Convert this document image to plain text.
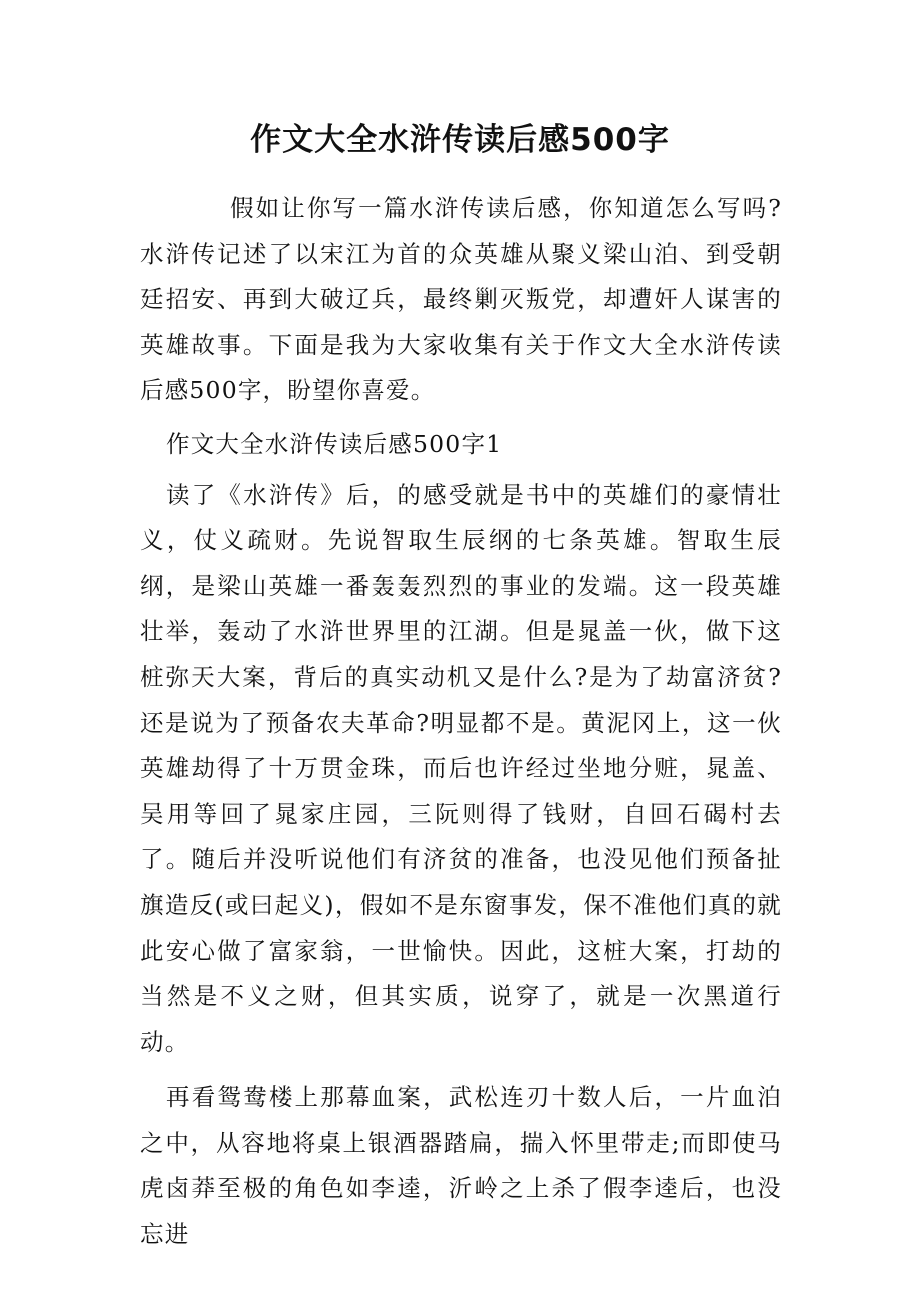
作文大全水浒传读后感500字

假如让你写一篇水浒传读后感，你知道怎么写吗?水浒传记述了以宋江为首的众英雄从聚义梁山泊、到受朝廷招安、再到大破辽兵，最终剿灭叛党，却遭奸人谋害的英雄故事。下面是我为大家收集有关于作文大全水浒传读后感500字，盼望你喜爱。

作文大全水浒传读后感500字1

读了《水浒传》后，的感受就是书中的英雄们的豪情壮义，仗义疏财。先说智取生辰纲的七条英雄。智取生辰纲，是梁山英雄一番轰轰烈烈的事业的发端。这一段英雄壮举，轰动了水浒世界里的江湖。但是晁盖一伙，做下这桩弥天大案，背后的真实动机又是什么?是为了劫富济贫?还是说为了预备农夫革命?明显都不是。黄泥冈上，这一伙英雄劫得了十万贯金珠，而后也许经过坐地分赃，晁盖、吴用等回了晁家庄园，三阮则得了钱财，自回石碣村去了。随后并没听说他们有济贫的准备，也没见他们预备扯旗造反(或曰起义)，假如不是东窗事发，保不准他们真的就此安心做了富家翁，一世愉快。因此，这桩大案，打劫的当然是不义之财，但其实质，说穿了，就是一次黑道行动。

再看鸳鸯楼上那幕血案，武松连刃十数人后，一片血泊之中，从容地将桌上银酒器踏扁，揣入怀里带走;而即使马虎卤莽至极的角色如李逵，沂岭之上杀了假李逵后，也没忘进
